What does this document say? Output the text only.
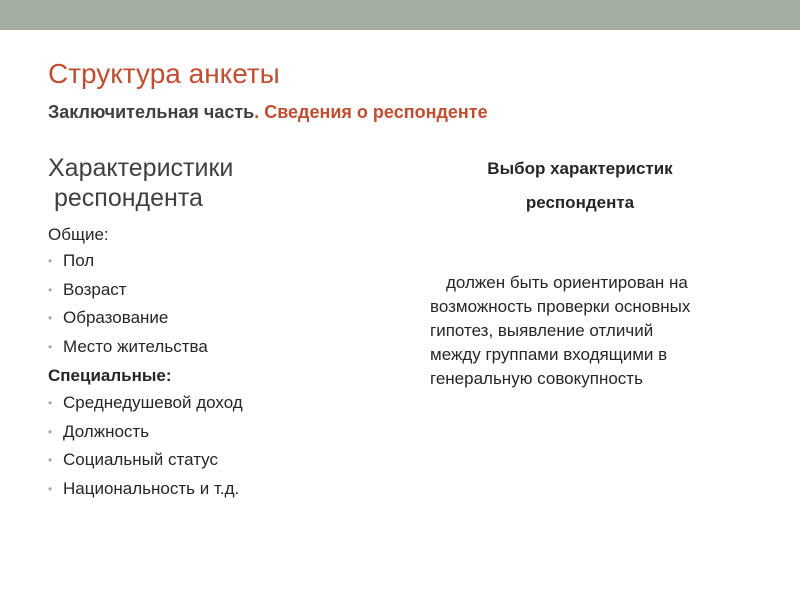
Структура анкеты
Заключительная часть. Сведения о респонденте
Характеристики
респондента
Общие:
• Пол
• Возраст
• Образование
• Место жительства
Специальные:
• Среднедушевой доход
• Должность
• Социальный статус
• Национальность и т.д.
Выбор характеристик
респондента
должен быть ориентирован на
возможность проверки основных
гипотез, выявление отличий
между группами входящими в
генеральную совокупность
